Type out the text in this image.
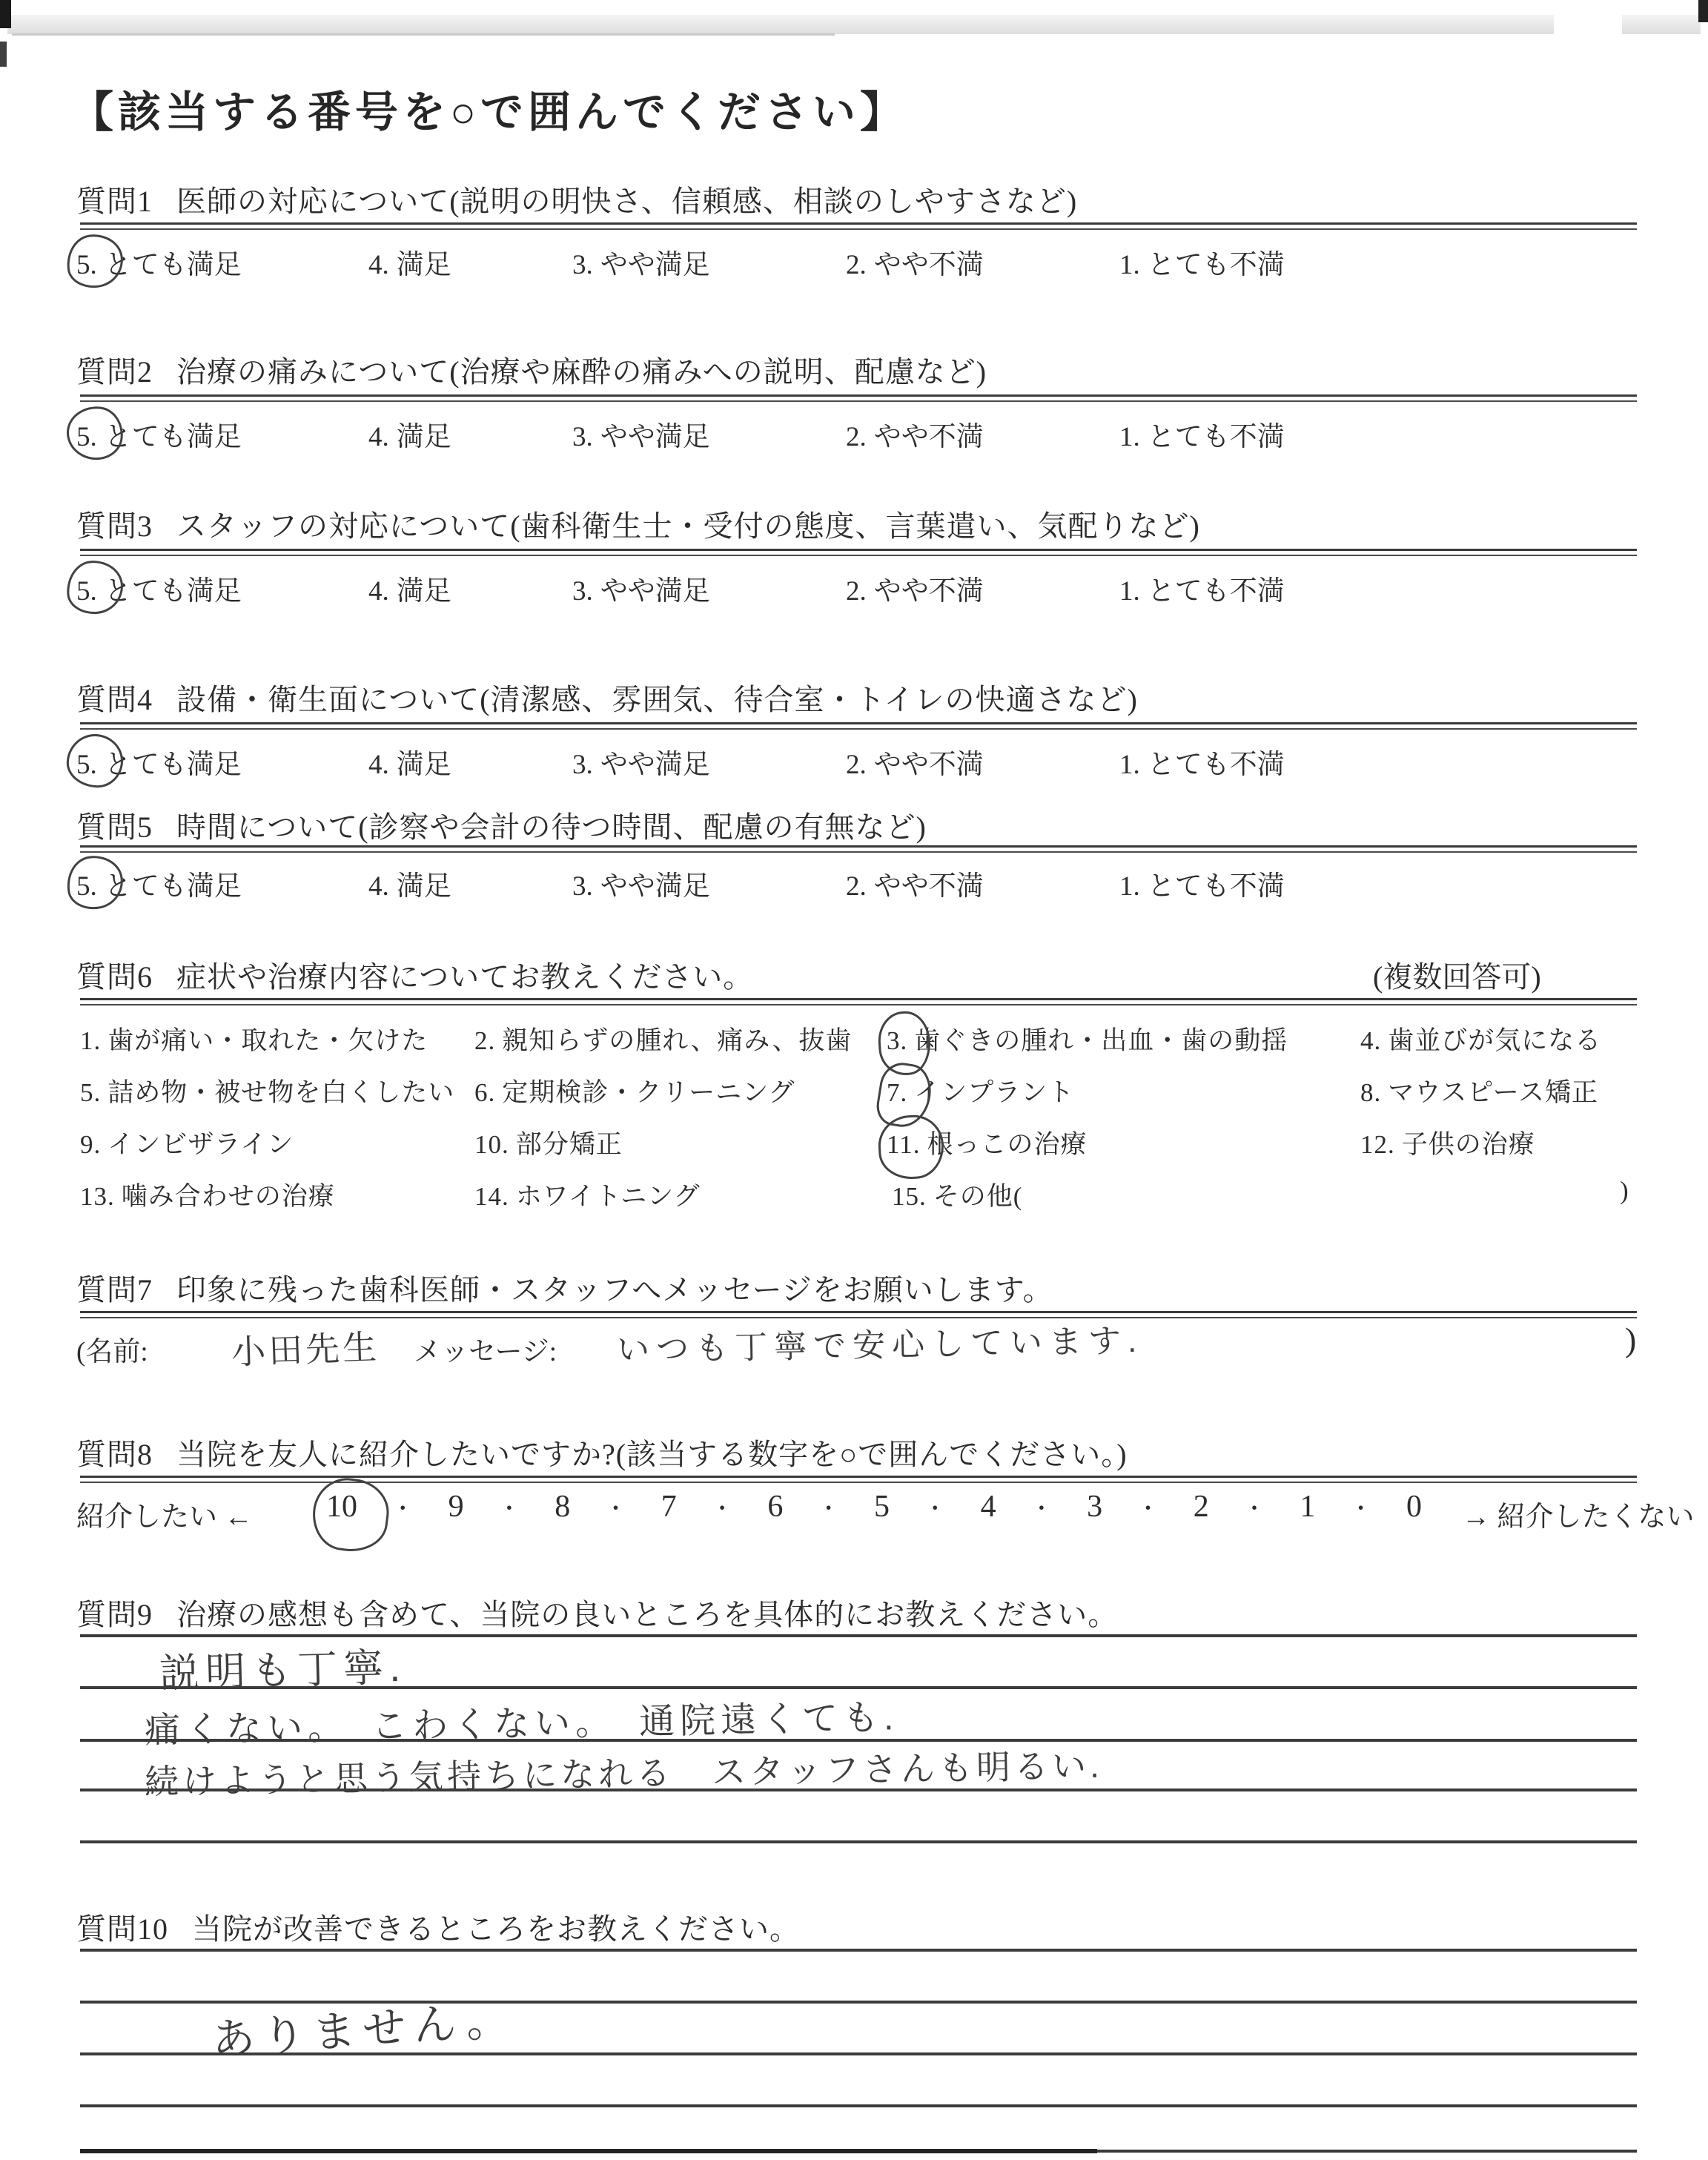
【該当する番号を○で囲んでください】
質問1 医師の対応について(説明の明快さ、信頼感、相談のしやすさなど)
5. とても満足	4. 満足	3. やや満足	2. やや不満	1. とても不満
質問2 治療の痛みについて(治療や麻酔の痛みへの説明、配慮など)
5. とても満足	4. 満足	3. やや満足	2. やや不満	1. とても不満
質問3 スタッフの対応について(歯科衛生士・受付の態度、言葉遣い、気配りなど)
5. とても満足	4. 満足	3. やや満足	2. やや不満	1. とても不満
質問4 設備・衛生面について(清潔感、雰囲気、待合室・トイレの快適さなど)
5. とても満足	4. 満足	3. やや満足	2. やや不満	1. とても不満
質問5 時間について(診察や会計の待つ時間、配慮の有無など)
5. とても満足	4. 満足	3. やや満足	2. やや不満	1. とても不満
質問6 症状や治療内容についてお教えください。	(複数回答可)
1. 歯が痛い・取れた・欠けた 2. 親知らずの腫れ、痛み、抜歯 3. 歯ぐきの腫れ・出血・歯の動揺	4. 歯並びが気になる
5. 詰め物・被せ物を白くしたい 6. 定期検診・クリーニング	7. インプラント	8. マウスピース矯正
9. インビザライン	10. 部分矯正	11. 根っこの治療	12. 子供の治療
13. 噛み合わせの治療	14. ホワイトニング	15. その他(	)
質問7 印象に残った歯科医師・スタッフへメッセージをお願いします。
(名前: 小田先生 メッセージ: いつも丁寧で安心しています.	)
質問8 当院を友人に紹介したいですか?(該当する数字を○で囲んでください。)
紹介したい ← 10 ・ 9 ・ 8 ・ 7 ・ 6 ・ 5 ・ 4 ・ 3 ・ 2 ・ 1 ・ 0 → 紹介したくない
質問9 治療の感想も含めて、当院の良いところを具体的にお教えください。
説明も丁寧.
痛くない。　こわくない。　通院遠くても.
続けようと思う気持ちになれる　スタッフさんも明るい.
質問10 当院が改善できるところをお教えください。
ありません。
